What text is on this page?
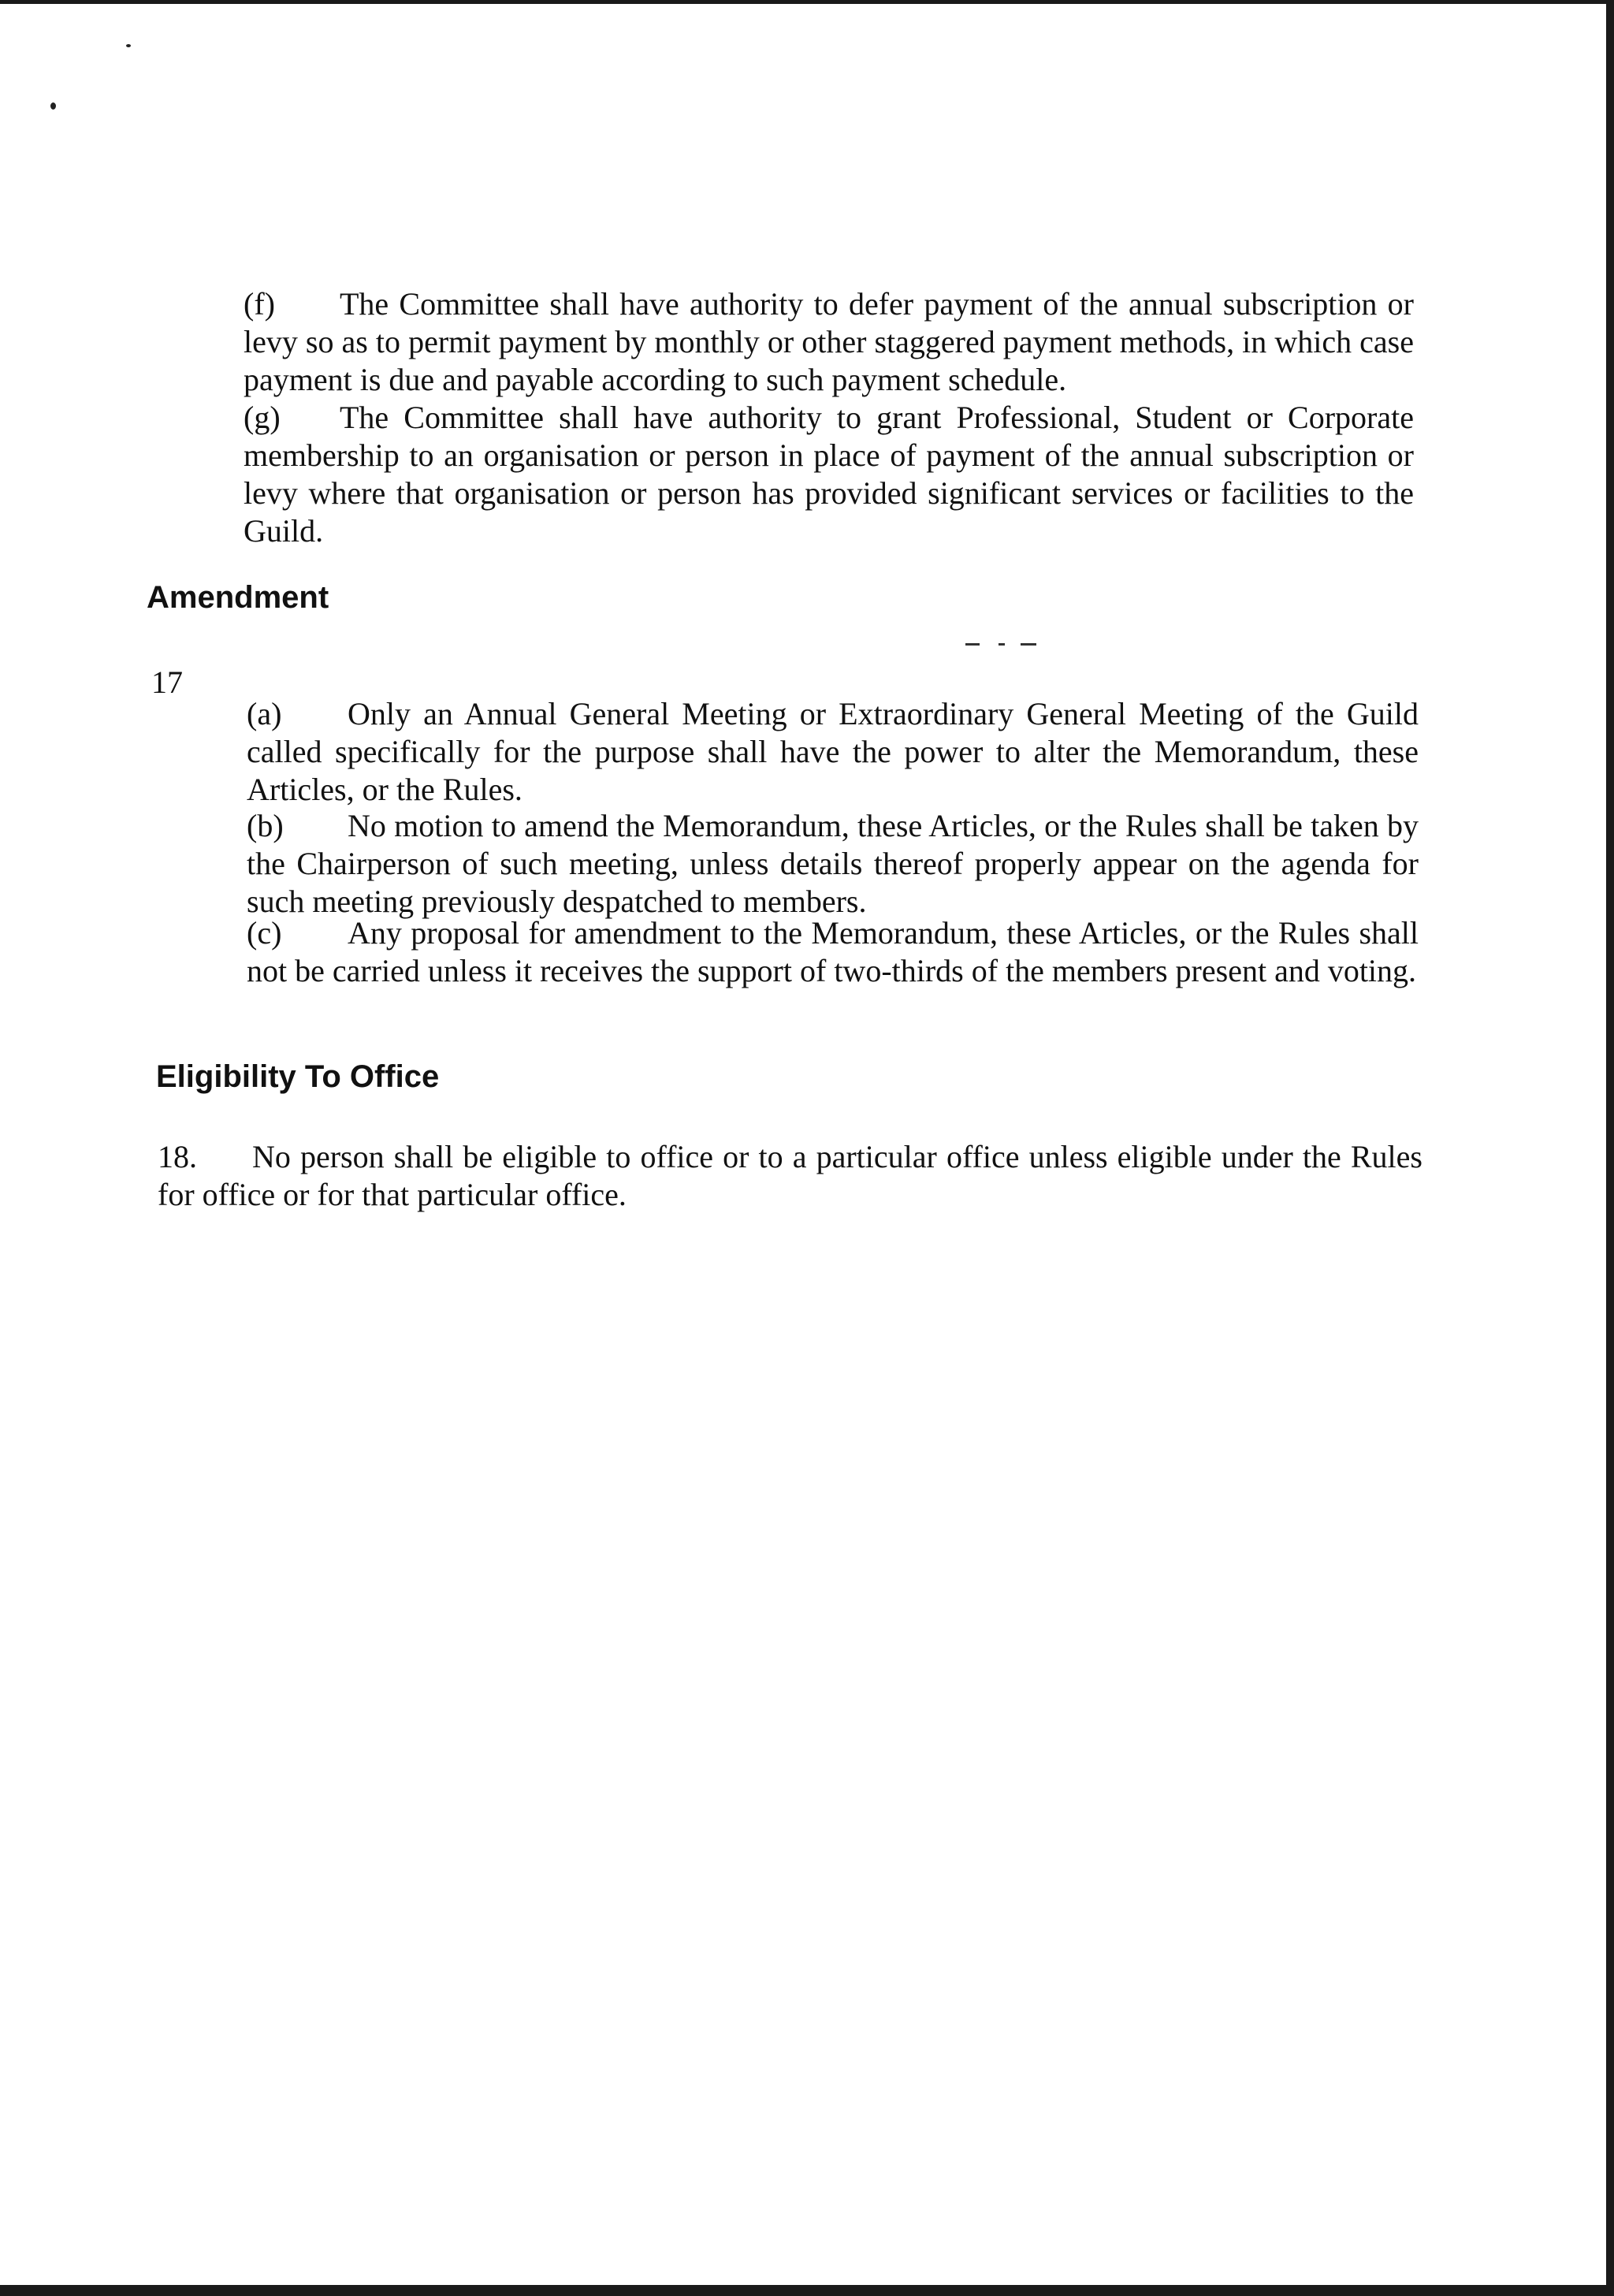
(f) The Committee shall have authority to defer payment of the annual subscription or levy so as to permit payment by monthly or other staggered payment methods, in which case payment is due and payable according to such payment schedule.
(g) The Committee shall have authority to grant Professional, Student or Corporate membership to an organisation or person in place of payment of the annual subscription or levy where that organisation or person has provided significant services or facilities to the Guild.
Amendment
17
(a) Only an Annual General Meeting or Extraordinary General Meeting of the Guild called specifically for the purpose shall have the power to alter the Memorandum, these Articles, or the Rules.
(b) No motion to amend the Memorandum, these Articles, or the Rules shall be taken by the Chairperson of such meeting, unless details thereof properly appear on the agenda for such meeting previously despatched to members.
(c) Any proposal for amendment to the Memorandum, these Articles, or the Rules shall not be carried unless it receives the support of two-thirds of the members present and voting.
Eligibility To Office
18. No person shall be eligible to office or to a particular office unless eligible under the Rules for office or for that particular office.
